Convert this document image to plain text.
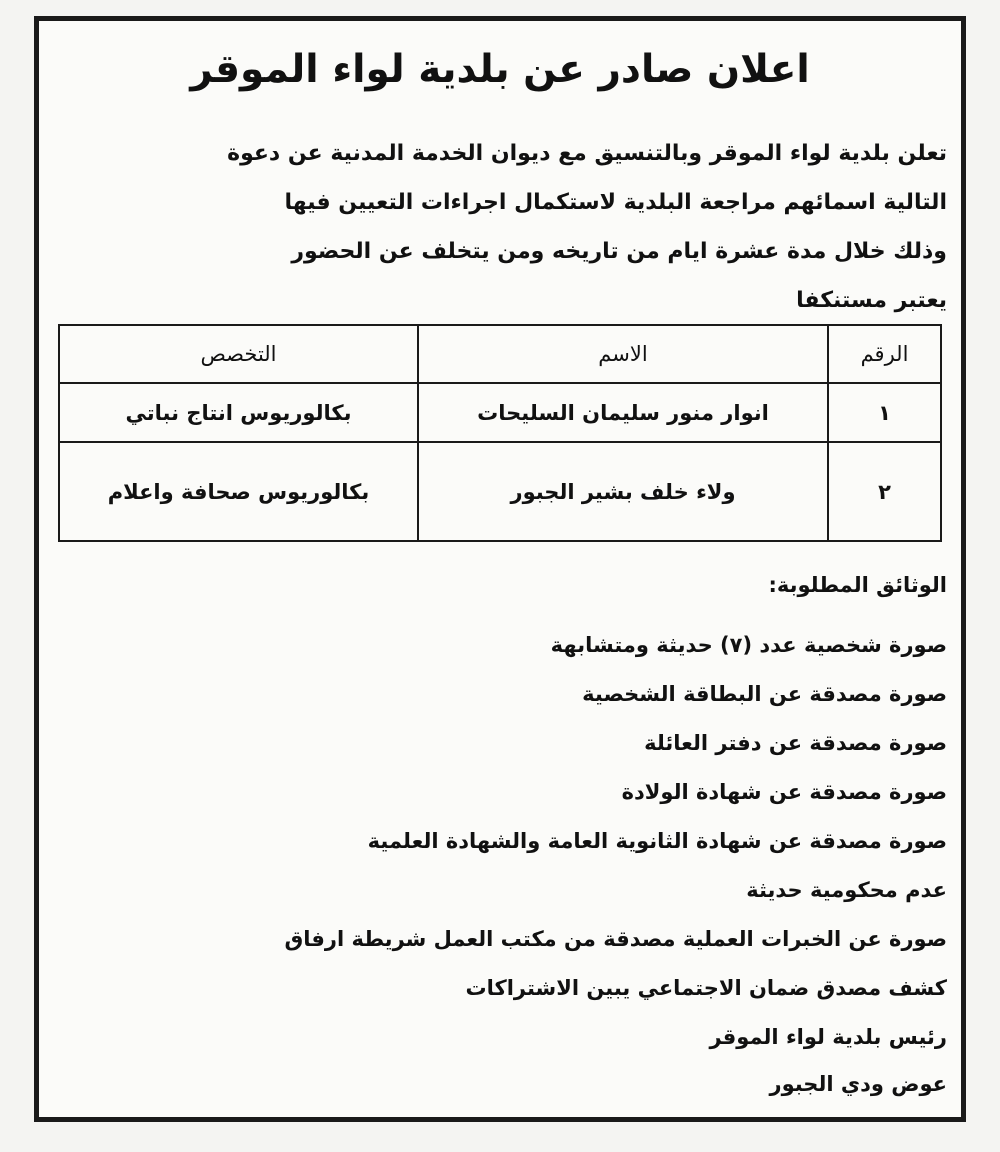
اعلان صادر عن بلدية لواء الموقر
تعلن بلدية لواء الموقر وبالتنسيق مع ديوان الخدمة المدنية عن دعوة
التالية اسمائهم مراجعة البلدية لاستكمال اجراءات التعيين فيها
وذلك خلال مدة عشرة ايام من تاريخه ومن يتخلف عن الحضور
يعتبر مستنكفا
الرقم	الاسم	التخصص
١	انوار منور سليمان السليحات	بكالوريوس انتاج نباتي
٢	ولاء خلف بشير الجبور	بكالوريوس صحافة واعلام
الوثائق المطلوبة:
صورة شخصية عدد (٧) حديثة ومتشابهة
صورة مصدقة عن البطاقة الشخصية
صورة مصدقة عن دفتر العائلة
صورة مصدقة عن شهادة الولادة
صورة مصدقة عن شهادة الثانوية العامة والشهادة العلمية
عدم محكومية حديثة
صورة عن الخبرات العملية مصدقة من مكتب العمل شريطة ارفاق
كشف مصدق ضمان الاجتماعي يبين الاشتراكات
رئيس بلدية لواء الموقر
عوض ودي الجبور
